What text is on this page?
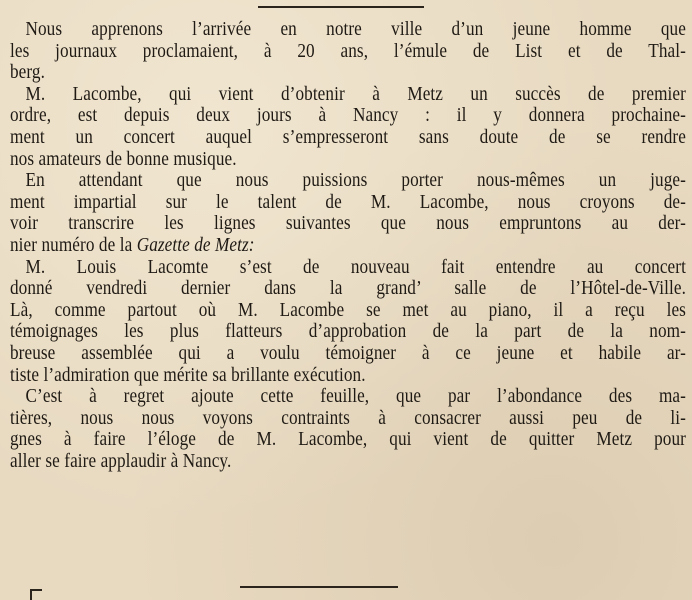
Nous apprenons l’arrivée en notre ville d’un jeune homme que
les journaux proclamaient, à 20 ans, l’émule de List et de Thal-
berg.
M. Lacombe, qui vient d’obtenir à Metz un succès de premier
ordre, est depuis deux jours à Nancy : il y donnera prochaine-
ment un concert auquel s’empresseront sans doute de se rendre
nos amateurs de bonne musique.
En attendant que nous puissions porter nous-mêmes un juge-
ment impartial sur le talent de M. Lacombe, nous croyons de-
voir transcrire les lignes suivantes que nous empruntons au der-
nier numéro de la Gazette de Metz:
M. Louis Lacomte s’est de nouveau fait entendre au concert
donné vendredi dernier dans la grand’ salle de l’Hôtel-de-Ville.
Là, comme partout où M. Lacombe se met au piano, il a reçu les
témoignages les plus flatteurs d’approbation de la part de la nom-
breuse assemblée qui a voulu témoigner à ce jeune et habile ar-
tiste l’admiration que mérite sa brillante exécution.
C’est à regret ajoute cette feuille, que par l’abondance des ma-
tières, nous nous voyons contraints à consacrer aussi peu de li-
gnes à faire l’éloge de M. Lacombe, qui vient de quitter Metz pour
aller se faire applaudir à Nancy.
